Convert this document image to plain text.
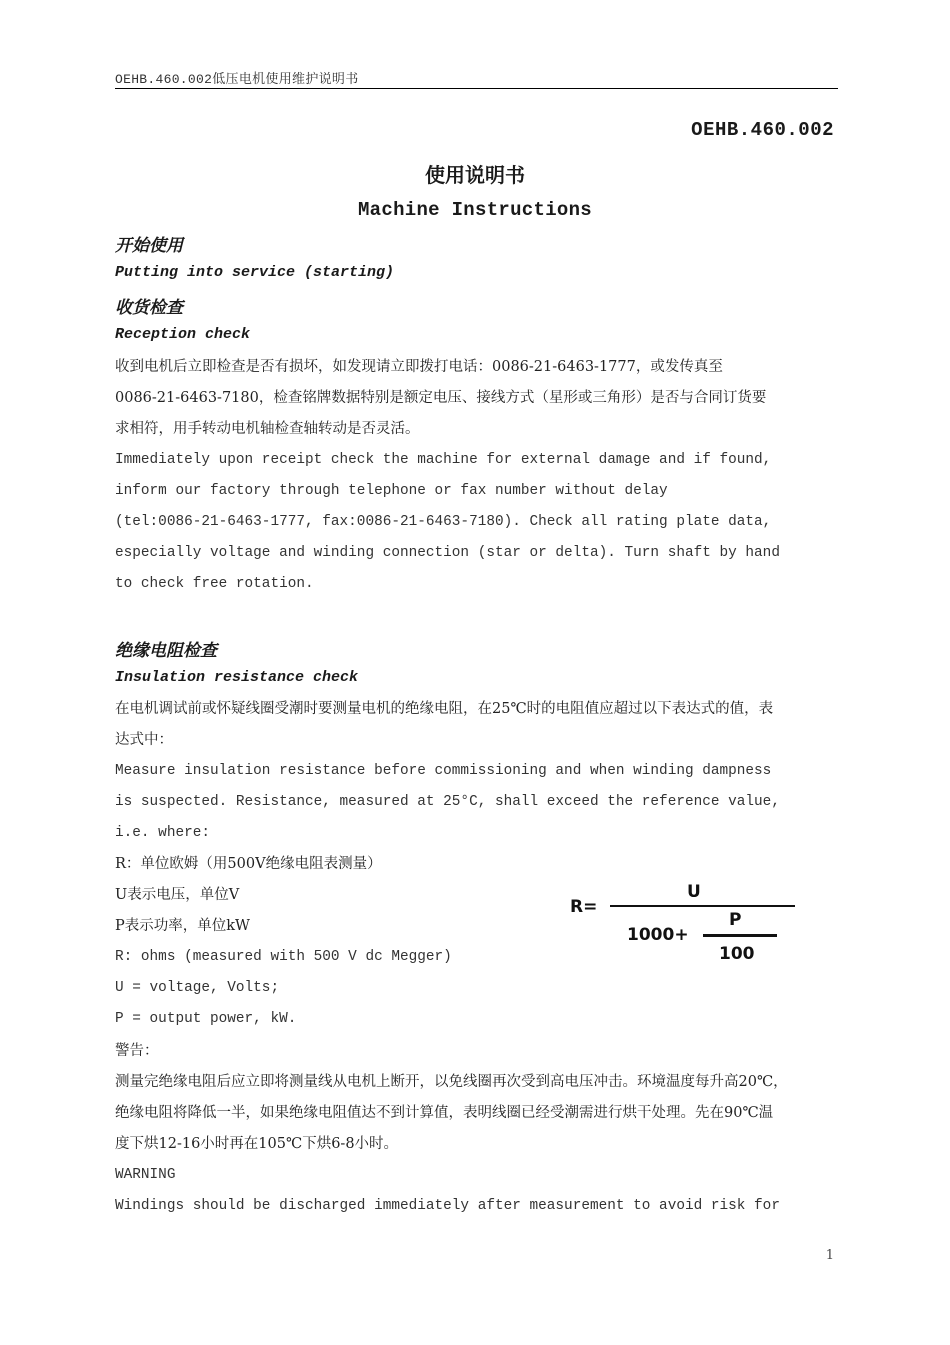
OEHB.460.002低压电机使用维护说明书
OEHB.460.002
使用说明书
Machine Instructions
开始使用
Putting into service (starting)
收货检查
Reception check
收到电机后立即检查是否有损坏，如发现请立即拨打电话：0086-21-6463-1777，或发传真至
0086-21-6463-7180，检查铭牌数据特别是额定电压、接线方式（星形或三角形）是否与合同订货要
求相符，用手转动电机轴检查轴转动是否灵活。
Immediately upon receipt check the machine for external damage and if found,
inform our factory through telephone or fax number without delay
(tel:0086-21-6463-1777, fax:0086-21-6463-7180). Check all rating plate data,
especially voltage and winding connection (star or delta). Turn shaft by hand
to check free rotation.
绝缘电阻检查
Insulation resistance check
在电机调试前或怀疑线圈受潮时要测量电机的绝缘电阻，在25℃时的电阻值应超过以下表达式的值，表
达式中：
Measure insulation resistance before commissioning and when winding dampness
is suspected. Resistance, measured at 25°C, shall exceed the reference value,
i.e. where:
R：单位欧姆（用500V绝缘电阻表测量）
U表示电压，单位V
P表示功率，单位kW
R: ohms (measured with 500 V dc Megger)
U = voltage, Volts;
P = output power, kW.
R=
U
1000+
P
100
警告：
测量完绝缘电阻后应立即将测量线从电机上断开，以免线圈再次受到高电压冲击。环境温度每升高20℃，
绝缘电阻将降低一半，如果绝缘电阻值达不到计算值，表明线圈已经受潮需进行烘干处理。先在90℃温
度下烘12-16小时再在105℃下烘6-8小时。
WARNING
Windings should be discharged immediately after measurement to avoid risk for
1
